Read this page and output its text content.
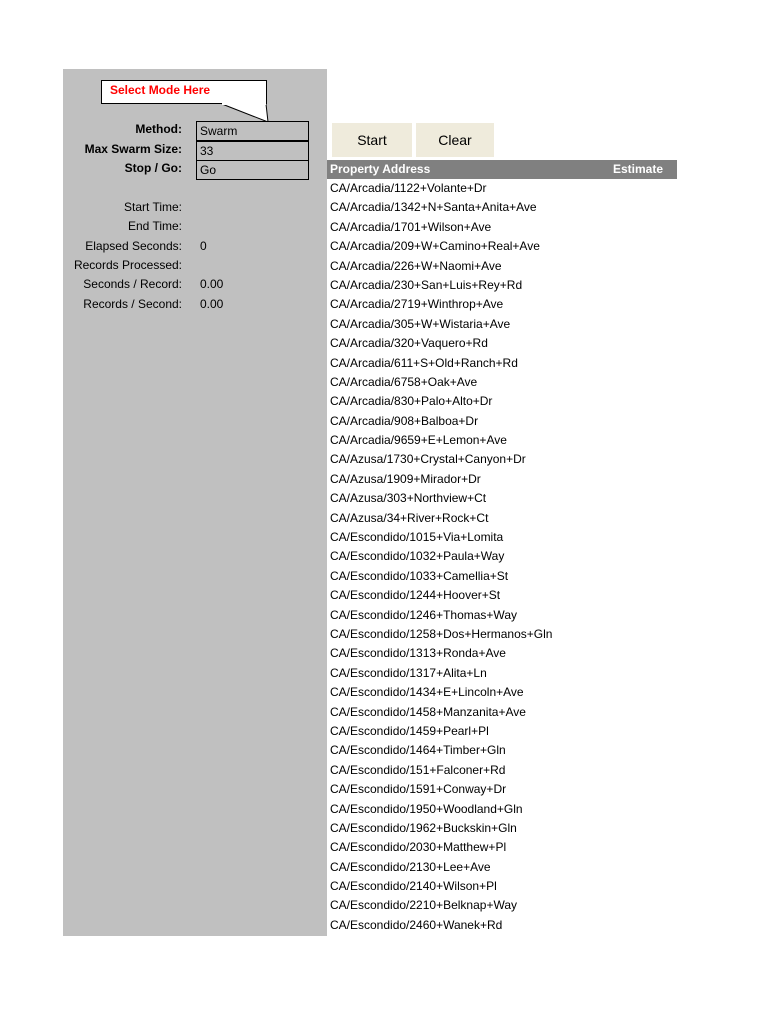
Select Mode Here
Method:	Swarm
Max Swarm Size:	33
Stop / Go:	Go
Start Time:
End Time:
Elapsed Seconds: 0
Records Processed:
Seconds / Record: 0.00
Records / Second: 0.00
Start	Clear
Property Address	Estimate
CA/Arcadia/1122+Volante+Dr
CA/Arcadia/1342+N+Santa+Anita+Ave
CA/Arcadia/1701+Wilson+Ave
CA/Arcadia/209+W+Camino+Real+Ave
CA/Arcadia/226+W+Naomi+Ave
CA/Arcadia/230+San+Luis+Rey+Rd
CA/Arcadia/2719+Winthrop+Ave
CA/Arcadia/305+W+Wistaria+Ave
CA/Arcadia/320+Vaquero+Rd
CA/Arcadia/611+S+Old+Ranch+Rd
CA/Arcadia/6758+Oak+Ave
CA/Arcadia/830+Palo+Alto+Dr
CA/Arcadia/908+Balboa+Dr
CA/Arcadia/9659+E+Lemon+Ave
CA/Azusa/1730+Crystal+Canyon+Dr
CA/Azusa/1909+Mirador+Dr
CA/Azusa/303+Northview+Ct
CA/Azusa/34+River+Rock+Ct
CA/Escondido/1015+Via+Lomita
CA/Escondido/1032+Paula+Way
CA/Escondido/1033+Camellia+St
CA/Escondido/1244+Hoover+St
CA/Escondido/1246+Thomas+Way
CA/Escondido/1258+Dos+Hermanos+Gln
CA/Escondido/1313+Ronda+Ave
CA/Escondido/1317+Alita+Ln
CA/Escondido/1434+E+Lincoln+Ave
CA/Escondido/1458+Manzanita+Ave
CA/Escondido/1459+Pearl+Pl
CA/Escondido/1464+Timber+Gln
CA/Escondido/151+Falconer+Rd
CA/Escondido/1591+Conway+Dr
CA/Escondido/1950+Woodland+Gln
CA/Escondido/1962+Buckskin+Gln
CA/Escondido/2030+Matthew+Pl
CA/Escondido/2130+Lee+Ave
CA/Escondido/2140+Wilson+Pl
CA/Escondido/2210+Belknap+Way
CA/Escondido/2460+Wanek+Rd
